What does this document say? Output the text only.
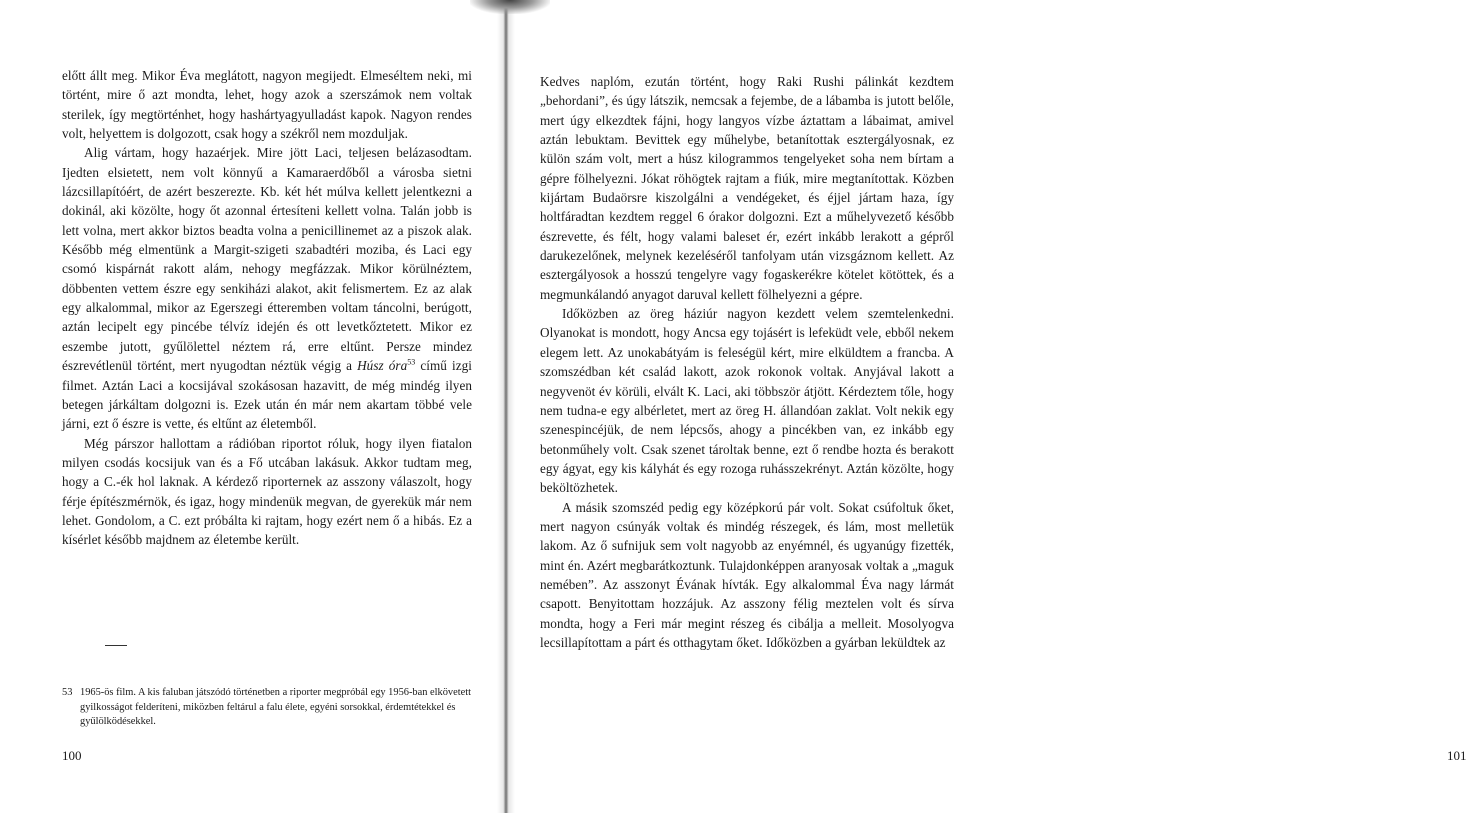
előtt állt meg. Mikor Éva meglátott, nagyon megijedt. Elmeséltem neki, mi történt, mire ő azt mondta, lehet, hogy azok a szerszámok nem voltak sterilek, így megtörténhet, hogy hashártyagyulladást kapok. Nagyon rendes volt, helyettem is dolgozott, csak hogy a székről nem mozduljak.

Alig vártam, hogy hazaérjek. Mire jött Laci, teljesen belázasodtam. Ijedten elsietett, nem volt könnyű a Kamaraerdőből a városba sietni lázcsillapítóért, de azért beszerezte. Kb. két hét múlva kellett jelentkezni a dokinál, aki közölte, hogy őt azonnal értesíteni kellett volna. Talán jobb is lett volna, mert akkor biztos beadta volna a penicillinemet az a piszok alak. Később még elmentünk a Margit-szigeti szabadtéri moziba, és Laci egy csomó kispárnát rakott alám, nehogy megfázzak. Mikor körülnéztem, döbbenten vettem észre egy senkiházi alakot, akit felismertem. Ez az alak egy alkalommal, mikor az Egerszegi étteremben voltam táncolni, berúgott, aztán lecipelt egy pincébe télvíz idején és ott levetkőztetett. Mikor ez eszembe jutott, gyűlölettel néztem rá, erre eltűnt. Persze mindez észrevétlenül történt, mert nyugodtan néztük végig a Húsz óra$^{53}$ című izgi filmet. Aztán Laci a kocsijával szokásosan hazavitt, de még mindég ilyen betegen járkáltam dolgozni is. Ezek után én már nem akartam többé vele járni, ezt ő észre is vette, és eltűnt az életemből.

Még párszor hallottam a rádióban riportot róluk, hogy ilyen fiatalon milyen csodás kocsijuk van és a Fő utcában lakásuk. Akkor tudtam meg, hogy a C.-ék hol laknak. A kérdező riporternek az asszony válaszolt, hogy férje építészmérnök, és igaz, hogy mindenük megvan, de gyerekük már nem lehet. Gondolom, a C. ezt próbálta ki rajtam, hogy ezért nem ő a hibás. Ez a kísérlet később majdnem az életembe került.

53 1965-ös film. A kis faluban játszódó történetben a riporter megpróbál egy 1956-ban elkövetett gyilkosságot felderíteni, miközben feltárul a falu élete, egyéni sorsokkal, érdemtétekkel és gyűlölködésekkel.
100	101

Kedves naplóm, ezután történt, hogy Raki Rushi pálinkát kezdtem „behordani”, és úgy látszik, nemcsak a fejembe, de a lábamba is jutott belőle, mert úgy elkezdtek fájni, hogy langyos vízbe áztattam a lábaimat, amivel aztán lebuktam. Bevittek egy műhelybe, betanítottak esztergályosnak, ez külön szám volt, mert a húsz kilogrammos tengelyeket soha nem bírtam a gépre fölhelyezni. Jókat röhögtek rajtam a fiúk, mire megtanítottak. Közben kijártam Budaörsre kiszolgálni a vendégeket, és éjjel jártam haza, így holtfáradtan kezdtem reggel 6 órakor dolgozni. Ezt a műhelyvezető később észrevette, és félt, hogy valami baleset ér, ezért inkább lerakott a gépről darukezelőnek, melynek kezeléséről tanfolyam után vizsgáznom kellett. Az esztergályosok a hosszú tengelyre vagy fogaskerékre kötelet kötöttek, és a megmunkálandó anyagot daruval kellett fölhelyezni a gépre.

Időközben az öreg háziúr nagyon kezdett velem szemtelenkedni. Olyanokat is mondott, hogy Ancsa egy tojásért is lefeküdt vele, ebből nekem elegem lett. Az unokabátyám is feleségül kért, mire elküldtem a francba. A szomszédban két család lakott, azok rokonok voltak. Anyjával lakott a negyvenöt év körüli, elvált K. Laci, aki többször átjött. Kérdeztem tőle, hogy nem tudna-e egy albérletet, mert az öreg H. állandóan zaklat. Volt nekik egy szenespincéjük, de nem lépcsős, ahogy a pincékben van, ez inkább egy betonműhely volt. Csak szenet tároltak benne, ezt ő rendbe hozta és berakott egy ágyat, egy kis kályhát és egy rozoga ruhásszekrényt. Aztán közölte, hogy beköltözhetek.

A másik szomszéd pedig egy középkorú pár volt. Sokat csúfoltuk őket, mert nagyon csúnyák voltak és mindég részegek, és lám, most melletük lakom. Az ő sufnijuk sem volt nagyobb az enyémnél, és ugyanúgy fizették, mint én. Azért megbarátkoztunk. Tulajdonképpen aranyosak voltak a „maguk nemében”. Az asszonyt Évának hívták. Egy alkalommal Éva nagy lármát csapott. Benyitottam hozzájuk. Az asszony félig meztelen volt és sírva mondta, hogy a Feri már megint részeg és cibálja a melleit. Mosolyogva lecsillapítottam a párt és otthagytam őket. Időközben a gyárban leküldtek az
